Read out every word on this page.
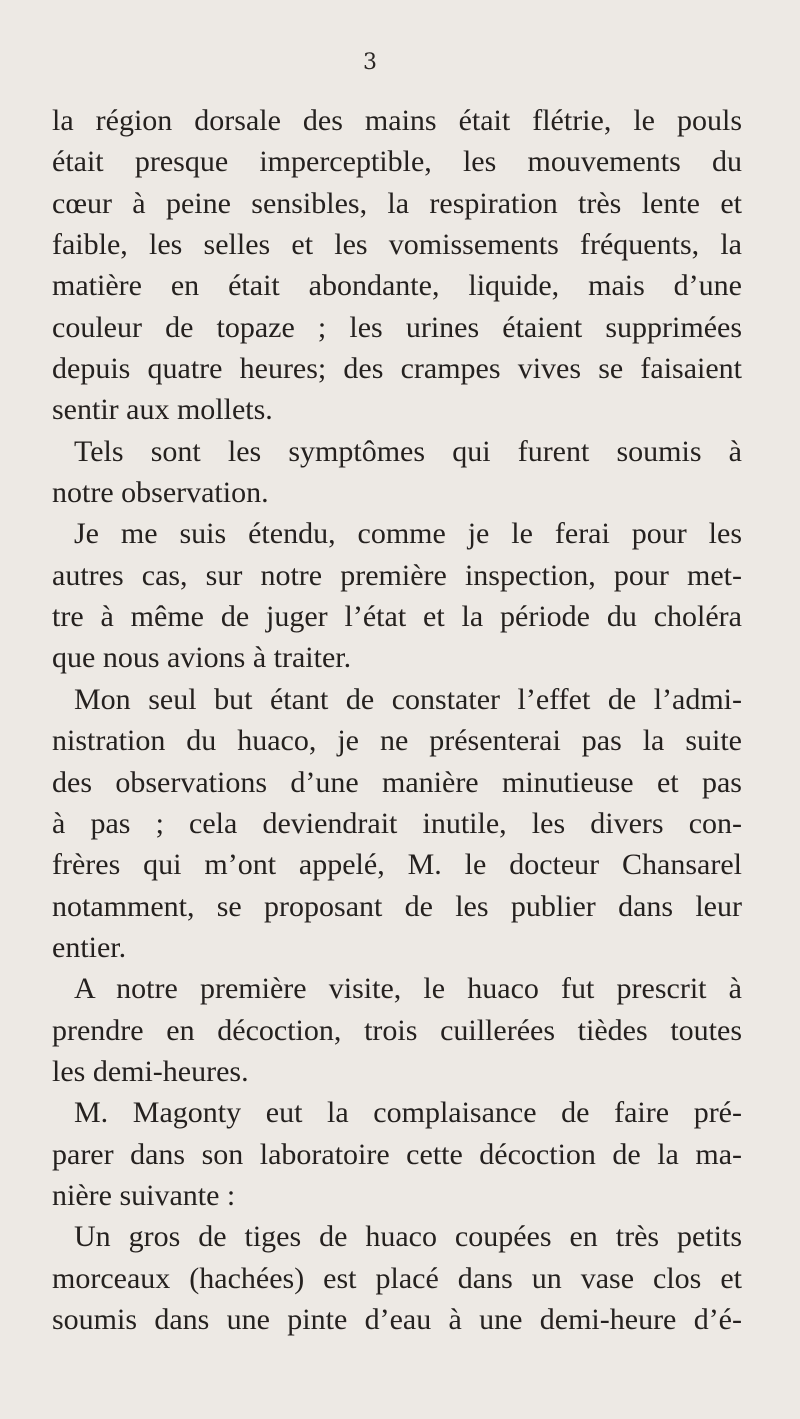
3
la région dorsale des mains était flétrie, le pouls
était presque imperceptible, les mouvements du
cœur à peine sensibles, la respiration très lente et
faible, les selles et les vomissements fréquents, la
matière en était abondante, liquide, mais d’une
couleur de topaze ; les urines étaient supprimées
depuis quatre heures; des crampes vives se faisaient
sentir aux mollets.
Tels sont les symptômes qui furent soumis à
notre observation.
Je me suis étendu, comme je le ferai pour les
autres cas, sur notre première inspection, pour met-
tre à même de juger l’état et la période du choléra
que nous avions à traiter.
Mon seul but étant de constater l’effet de l’admi-
nistration du huaco, je ne présenterai pas la suite
des observations d’une manière minutieuse et pas
à pas ; cela deviendrait inutile, les divers con-
frères qui m’ont appelé, M. le docteur Chansarel
notamment, se proposant de les publier dans leur
entier.
A notre première visite, le huaco fut prescrit à
prendre en décoction, trois cuillerées tièdes toutes
les demi-heures.
M. Magonty eut la complaisance de faire pré-
parer dans son laboratoire cette décoction de la ma-
nière suivante :
Un gros de tiges de huaco coupées en très petits
morceaux (hachées) est placé dans un vase clos et
soumis dans une pinte d’eau à une demi-heure d’é-
